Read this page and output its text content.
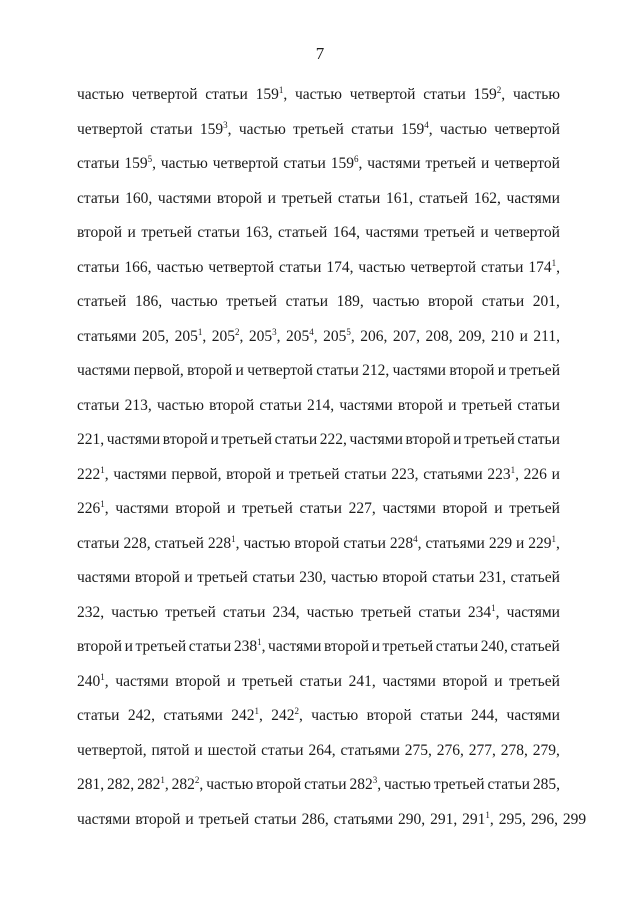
7
частью четвертой статьи $159^1$, частью четвертой статьи $159^2$, частью
четвертой статьи $159^3$, частью третьей статьи $159^4$, частью четвертой
статьи $159^5$, частью четвертой статьи $159^6$, частями третьей и четвертой
статьи 160, частями второй и третьей статьи 161, статьей 162, частями
второй и третьей статьи 163, статьей 164, частями третьей и четвертой
статьи 166, частью четвертой статьи 174, частью четвертой статьи $174^1$,
статьей 186, частью третьей статьи 189, частью второй статьи 201,
статьями 205, $205^1$, $205^2$, $205^3$, $205^4$, $205^5$, 206, 207, 208, 209, 210 и 211,
частями первой, второй и четвертой статьи 212, частями второй и третьей
статьи 213, частью второй статьи 214, частями второй и третьей статьи
221, частями второй и третьей статьи 222, частями второй и третьей статьи
$222^1$, частями первой, второй и третьей статьи 223, статьями $223^1$, 226 и
$226^1$, частями второй и третьей статьи 227, частями второй и третьей
статьи 228, статьей $228^1$, частью второй статьи $228^4$, статьями 229 и $229^1$,
частями второй и третьей статьи 230, частью второй статьи 231, статьей
232, частью третьей статьи 234, частью третьей статьи $234^1$, частями
второй и третьей статьи $238^1$, частями второй и третьей статьи 240, статьей
$240^1$, частями второй и третьей статьи 241, частями второй и третьей
статьи 242, статьями $242^1$, $242^2$, частью второй статьи 244, частями
четвертой, пятой и шестой статьи 264, статьями 275, 276, 277, 278, 279,
281, 282, $282^1$, $282^2$, частью второй статьи $282^3$, частью третьей статьи 285,
частями второй и третьей статьи 286, статьями 290, 291, $291^1$, 295, 296, 299
